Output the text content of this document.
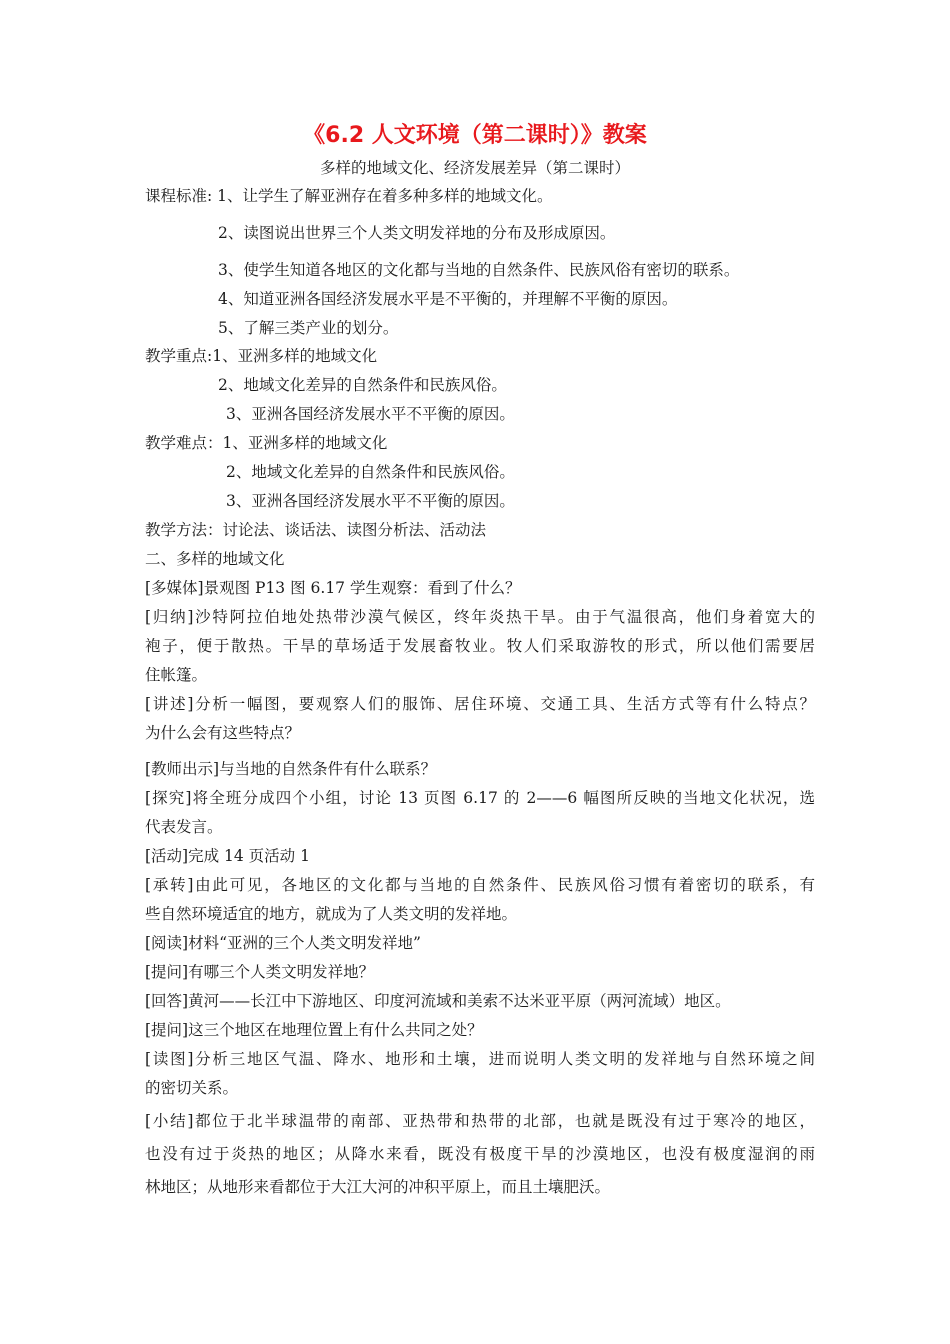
《6.2 人文环境（第二课时）》教案
多样的地域文化、经济发展差异（第二课时）
课程标准: 1、让学生了解亚洲存在着多种多样的地域文化。
2、读图说出世界三个人类文明发祥地的分布及形成原因。
3、使学生知道各地区的文化都与当地的自然条件、民族风俗有密切的联系。
4、知道亚洲各国经济发展水平是不平衡的，并理解不平衡的原因。
5、了解三类产业的划分。
教学重点:1、亚洲多样的地域文化
2、地域文化差异的自然条件和民族风俗。
3、亚洲各国经济发展水平不平衡的原因。
教学难点：1、亚洲多样的地域文化
2、地域文化差异的自然条件和民族风俗。
3、亚洲各国经济发展水平不平衡的原因。
教学方法：讨论法、谈话法、读图分析法、活动法
二、多样的地域文化
[多媒体]景观图 P13 图 6.17 学生观察：看到了什么？
[归纳]沙特阿拉伯地处热带沙漠气候区，终年炎热干旱。由于气温很高，他们身着宽大的
袍子，便于散热。干旱的草场适于发展畜牧业。牧人们采取游牧的形式，所以他们需要居
住帐篷。
[讲述]分析一幅图，要观察人们的服饰、居住环境、交通工具、生活方式等有什么特点？
为什么会有这些特点？
[教师出示]与当地的自然条件有什么联系？
[探究]将全班分成四个小组，讨论 13 页图 6.17 的 2——6 幅图所反映的当地文化状况，选
代表发言。
[活动]完成 14 页活动 1
[承转]由此可见，各地区的文化都与当地的自然条件、民族风俗习惯有着密切的联系，有
些自然环境适宜的地方，就成为了人类文明的发祥地。
[阅读]材料“亚洲的三个人类文明发祥地”
[提问]有哪三个人类文明发祥地？
[回答]黄河——长江中下游地区、印度河流域和美索不达米亚平原（两河流域）地区。
[提问]这三个地区在地理位置上有什么共同之处？
[读图]分析三地区气温、降水、地形和土壤，进而说明人类文明的发祥地与自然环境之间
的密切关系。
[小结]都位于北半球温带的南部、亚热带和热带的北部，也就是既没有过于寒冷的地区，
也没有过于炎热的地区；从降水来看，既没有极度干旱的沙漠地区，也没有极度湿润的雨
林地区；从地形来看都位于大江大河的冲积平原上，而且土壤肥沃。
